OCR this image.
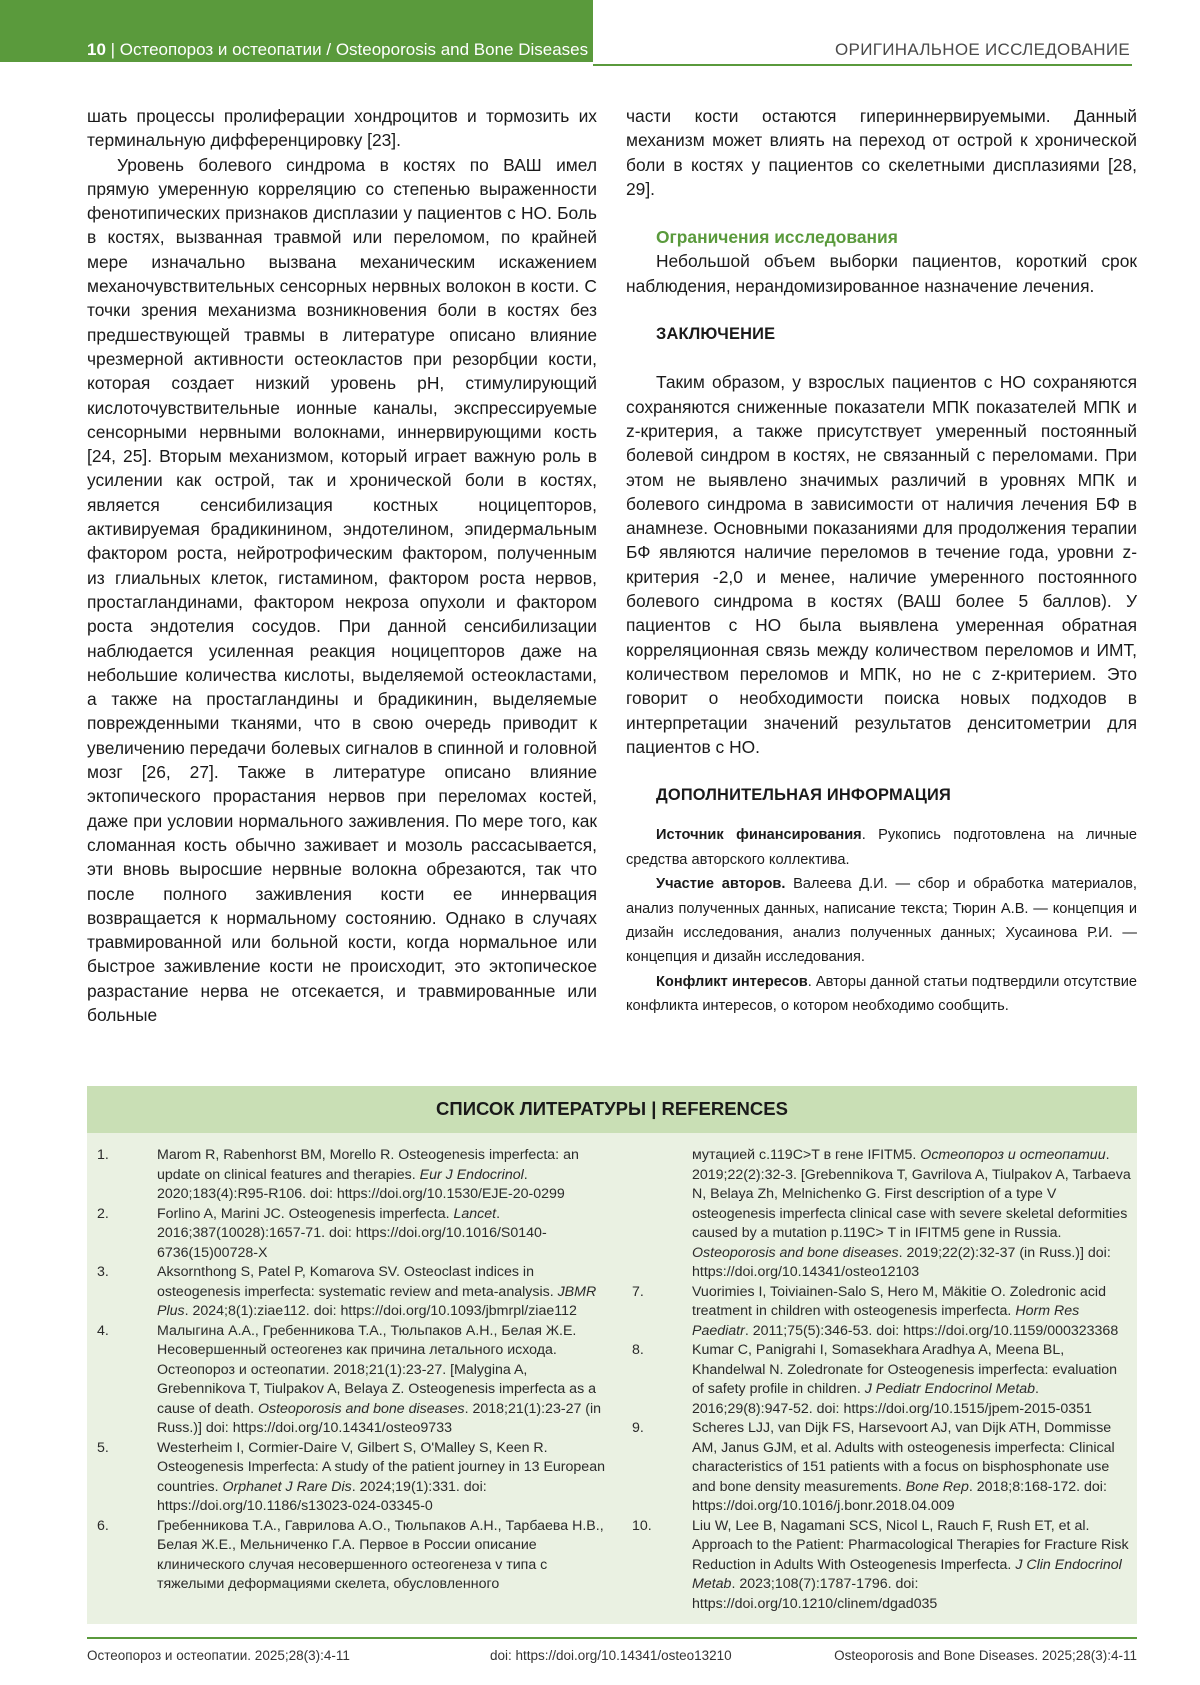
10 | Остеопороз и остеопатии / Osteoporosis and Bone Diseases	ОРИГИНАЛЬНОЕ ИССЛЕДОВАНИЕ

шать процессы пролиферации хондроцитов и тормозить их терминальную дифференцировку [23].

Уровень болевого синдрома в костях по ВАШ имел прямую умеренную корреляцию со степенью выраженности фенотипических признаков дисплазии у пациентов с НО. Боль в костях, вызванная травмой или переломом, по крайней мере изначально вызвана механическим искажением механочувствительных сенсорных нервных волокон в кости. С точки зрения механизма возникновения боли в костях без предшествующей травмы в литературе описано влияние чрезмерной активности остеокластов при резорбции кости, которая создает низкий уровень pH, стимулирующий кислоточувствительные ионные каналы, экспрессируемые сенсорными нервными волокнами, иннервирующими кость [24, 25]. Вторым механизмом, который играет важную роль в усилении как острой, так и хронической боли в костях, является сенсибилизация костных ноцицепторов, активируемая брадикинином, эндотелином, эпидермальным фактором роста, нейротрофическим фактором, полученным из глиальных клеток, гистамином, фактором роста нервов, простагландинами, фактором некроза опухоли и фактором роста эндотелия сосудов. При данной сенсибилизации наблюдается усиленная реакция ноцицепторов даже на небольшие количества кислоты, выделяемой остеокластами, а также на простагландины и брадикинин, выделяемые поврежденными тканями, что в свою очередь приводит к увеличению передачи болевых сигналов в спинной и головной мозг [26, 27]. Также в литературе описано влияние эктопического прорастания нервов при переломах костей, даже при условии нормального заживления. По мере того, как сломанная кость обычно заживает и мозоль рассасывается, эти вновь выросшие нервные волокна обрезаются, так что после полного заживления кости ее иннервация возвращается к нормальному состоянию. Однако в случаях травмированной или больной кости, когда нормальное или быстрое заживление кости не происходит, это эктопическое разрастание нерва не отсекается, и травмированные или больные

части кости остаются гипериннервируемыми. Данный механизм может влиять на переход от острой к хронической боли в костях у пациентов со скелетными дисплазиями [28, 29].

Ограничения исследования

Небольшой объем выборки пациентов, короткий срок наблюдения, нерандомизированное назначение лечения.

ЗАКЛЮЧЕНИЕ

Таким образом, у взрослых пациентов с НО сохраняются сохраняются сниженные показатели МПК показателей МПК и z-критерия, а также присутствует умеренный постоянный болевой синдром в костях, не связанный с переломами. При этом не выявлено значимых различий в уровнях МПК и болевого синдрома в зависимости от наличия лечения БФ в анамнезе. Основными показаниями для продолжения терапии БФ являются наличие переломов в течение года, уровни z-критерия -2,0 и менее, наличие умеренного постоянного болевого синдрома в костях (ВАШ более 5 баллов). У пациентов с НО была выявлена умеренная обратная корреляционная связь между количеством переломов и ИМТ, количеством переломов и МПК, но не с z-критерием. Это говорит о необходимости поиска новых подходов в интерпретации значений результатов денситометрии для пациентов с НО.

ДОПОЛНИТЕЛЬНАЯ ИНФОРМАЦИЯ

Источник финансирования. Рукопись подготовлена на личные средства авторского коллектива.

Участие авторов. Валеева Д.И. — сбор и обработка материалов, анализ полученных данных, написание текста; Тюрин А.В. — концепция и дизайн исследования, анализ полученных данных; Хусаинова Р.И. — концепция и дизайн исследования.

Конфликт интересов. Авторы данной статьи подтвердили отсутствие конфликта интересов, о котором необходимо сообщить.

СПИСОК ЛИТЕРАТУРЫ | REFERENCES
1.	Marom R, Rabenhorst BM, Morello R. Osteogenesis imperfecta: an update on clinical features and therapies. Eur J Endocrinol. 2020;183(4):R95-R106. doi: https://doi.org/10.1530/EJE-20-0299
2.	Forlino A, Marini JC. Osteogenesis imperfecta. Lancet. 2016;387(10028):1657-71. doi: https://doi.org/10.1016/S0140-6736(15)00728-X
3.	Aksornthong S, Patel P, Komarova SV. Osteoclast indices in osteogenesis imperfecta: systematic review and meta-analysis. JBMR Plus. 2024;8(1):ziae112. doi: https://doi.org/10.1093/jbmrpl/ziae112
4.	Малыгина А.А., Гребенникова Т.А., Тюльпаков А.Н., Белая Ж.Е. Несовершенный остеогенез как причина летального исхода. Остеопороз и остеопатии. 2018;21(1):23-27. [Malygina A, Grebennikova T, Tiulpakov A, Belaya Z. Osteogenesis imperfecta as a cause of death. Osteoporosis and bone diseases. 2018;21(1):23-27 (in Russ.)] doi: https://doi.org/10.14341/osteo9733
5.	Westerheim I, Cormier-Daire V, Gilbert S, O'Malley S, Keen R. Osteogenesis Imperfecta: A study of the patient journey in 13 European countries. Orphanet J Rare Dis. 2024;19(1):331. doi: https://doi.org/10.1186/s13023-024-03345-0
6.	Гребенникова Т.А., Гаврилова А.О., Тюльпаков А.Н., Тарбаева Н.В., Белая Ж.Е., Мельниченко Г.А. Первое в России описание клинического случая несовершенного остеогенеза v типа с тяжелыми деформациями скелета, обусловленного
мутацией c.119C>T в гене IFITM5. Остеопороз и остеопатии. 2019;22(2):32-3. [Grebennikova T, Gavrilova A, Tiulpakov A, Tarbaeva N, Belaya Zh, Melnichenko G. First description of a type V osteogenesis imperfecta clinical case with severe skeletal deformities caused by a mutation p.119C> T in IFITM5 gene in Russia. Osteoporosis and bone diseases. 2019;22(2):32-37 (in Russ.)] doi: https://doi.org/10.14341/osteo12103
7.	Vuorimies I, Toiviainen-Salo S, Hero M, Mäkitie O. Zoledronic acid treatment in children with osteogenesis imperfecta. Horm Res Paediatr. 2011;75(5):346-53. doi: https://doi.org/10.1159/000323368
8.	Kumar C, Panigrahi I, Somasekhara Aradhya A, Meena BL, Khandelwal N. Zoledronate for Osteogenesis imperfecta: evaluation of safety profile in children. J Pediatr Endocrinol Metab. 2016;29(8):947-52. doi: https://doi.org/10.1515/jpem-2015-0351
9.	Scheres LJJ, van Dijk FS, Harsevoort AJ, van Dijk ATH, Dommisse AM, Janus GJM, et al. Adults with osteogenesis imperfecta: Clinical characteristics of 151 patients with a focus on bisphosphonate use and bone density measurements. Bone Rep. 2018;8:168-172. doi: https://doi.org/10.1016/j.bonr.2018.04.009
10.	Liu W, Lee B, Nagamani SCS, Nicol L, Rauch F, Rush ET, et al. Approach to the Patient: Pharmacological Therapies for Fracture Risk Reduction in Adults With Osteogenesis Imperfecta. J Clin Endocrinol Metab. 2023;108(7):1787-1796. doi: https://doi.org/10.1210/clinem/dgad035
Остеопороз и остеопатии. 2025;28(3):4-11	doi: https://doi.org/10.14341/osteo13210	Osteoporosis and Bone Diseases. 2025;28(3):4-11
